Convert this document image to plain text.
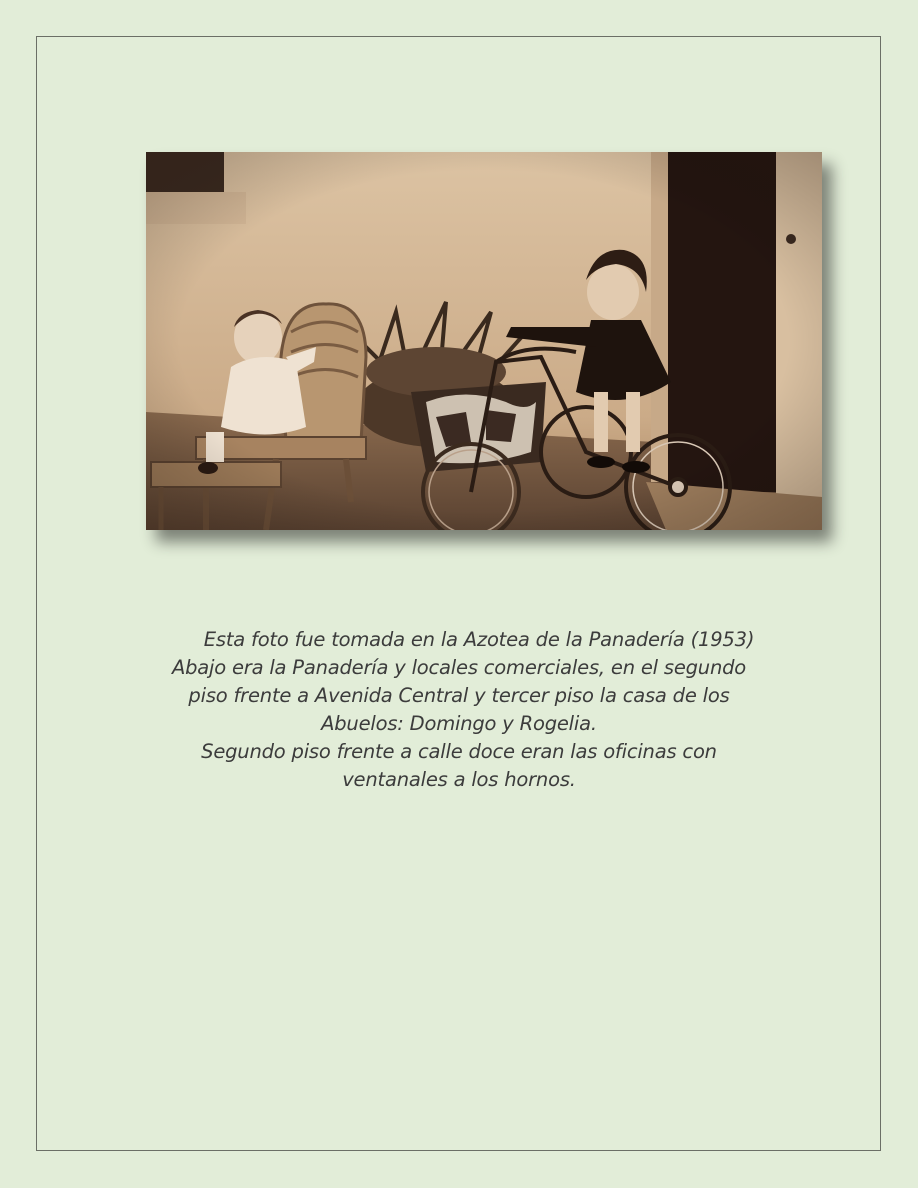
Esta foto fue tomada en la Azotea de la Panadería (1953)
Abajo era la Panadería y locales comerciales, en el segundo
piso frente a Avenida Central y tercer piso la casa de los
Abuelos: Domingo y Rogelia.
Segundo piso frente a calle doce eran las oficinas con
ventanales a los hornos.
